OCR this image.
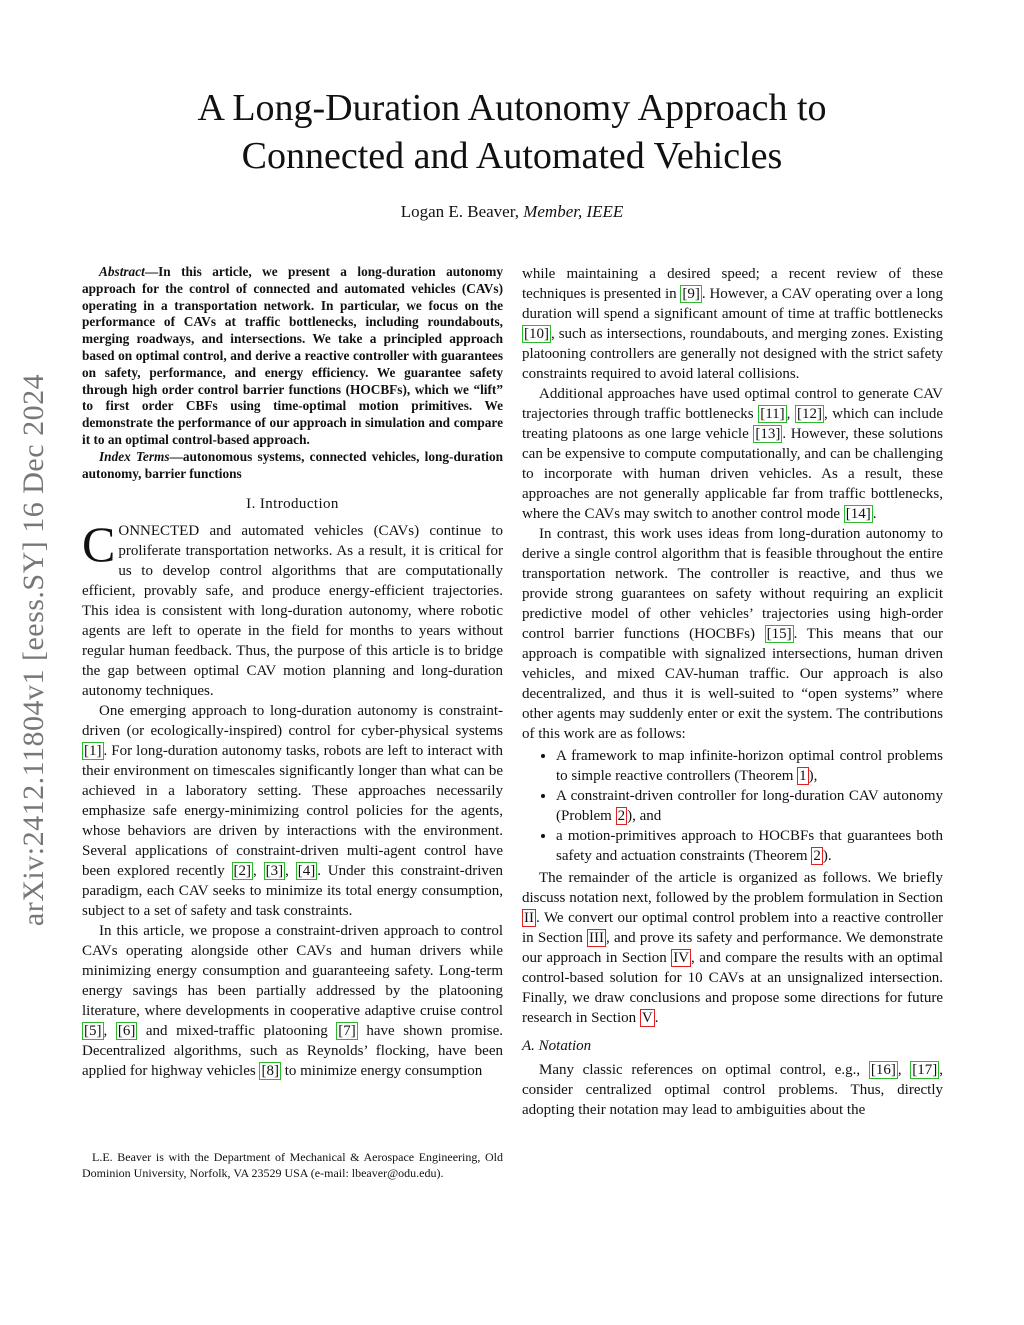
arXiv:2412.11804v1 [eess.SY] 16 Dec 2024
A Long-Duration Autonomy Approach to
Connected and Automated Vehicles
Logan E. Beaver, Member, IEEE

Abstract—In this article, we present a long-duration autonomy approach for the control of connected and automated vehicles (CAVs) operating in a transportation network. In particular, we focus on the performance of CAVs at traffic bottlenecks, including roundabouts, merging roadways, and intersections. We take a principled approach based on optimal control, and derive a reactive controller with guarantees on safety, performance, and energy efficiency. We guarantee safety through high order control barrier functions (HOCBFs), which we “lift” to first order CBFs using time-optimal motion primitives. We demonstrate the performance of our approach in simulation and compare it to an optimal control-based approach.

Index Terms—autonomous systems, connected vehicles, long-duration autonomy, barrier functions

I. Introduction

CONNECTED and automated vehicles (CAVs) continue to proliferate transportation networks. As a result, it is critical for us to develop control algorithms that are computationally efficient, provably safe, and produce energy-efficient trajectories. This idea is consistent with long-duration autonomy, where robotic agents are left to operate in the field for months to years without regular human feedback. Thus, the purpose of this article is to bridge the gap between optimal CAV motion planning and long-duration autonomy techniques.

One emerging approach to long-duration autonomy is constraint-driven (or ecologically-inspired) control for cyber-physical systems [1] . For long-duration autonomy tasks, robots are left to interact with their environment on timescales significantly longer than what can be achieved in a laboratory setting. These approaches necessarily emphasize safe energy-minimizing control policies for the agents, whose behaviors are driven by interactions with the environment. Several applications of constraint-driven multi-agent control have been explored recently [2] , [3] , [4] . Under this constraint-driven paradigm, each CAV seeks to minimize its total energy consumption, subject to a set of safety and task constraints.

In this article, we propose a constraint-driven approach to control CAVs operating alongside other CAVs and human drivers while minimizing energy consumption and guaranteeing safety. Long-term energy savings has been partially addressed by the platooning literature, where developments in cooperative adaptive cruise control [5] , [6] and mixed-traffic platooning [7] have shown promise. Decentralized algorithms, such as Reynolds’ flocking, have been applied for highway vehicles [8] to minimize energy consumption

L.E. Beaver is with the Department of Mechanical & Aerospace Engineering, Old Dominion University, Norfolk, VA 23529 USA (e-mail: lbeaver@odu.edu).

while maintaining a desired speed; a recent review of these techniques is presented in [9] . However, a CAV operating over a long duration will spend a significant amount of time at traffic bottlenecks [10] , such as intersections, roundabouts, and merging zones. Existing platooning controllers are generally not designed with the strict safety constraints required to avoid lateral collisions.

Additional approaches have used optimal control to generate CAV trajectories through traffic bottlenecks [11] , [12] , which can include treating platoons as one large vehicle [13] . However, these solutions can be expensive to compute computationally, and can be challenging to incorporate with human driven vehicles. As a result, these approaches are not generally applicable far from traffic bottlenecks, where the CAVs may switch to another control mode [14] .

In contrast, this work uses ideas from long-duration autonomy to derive a single control algorithm that is feasible throughout the entire transportation network. The controller is reactive, and thus we provide strong guarantees on safety without requiring an explicit predictive model of other vehicles’ trajectories using high-order control barrier functions (HOCBFs) [15] . This means that our approach is compatible with signalized intersections, human driven vehicles, and mixed CAV-human traffic. Our approach is also decentralized, and thus it is well-suited to “open systems” where other agents may suddenly enter or exit the system. The contributions of this work are as follows:

• A framework to map infinite-horizon optimal control problems to simple reactive controllers (Theorem 1 ),
• A constraint-driven controller for long-duration CAV autonomy (Problem 2 ), and
• a motion-primitives approach to HOCBFs that guarantees both safety and actuation constraints (Theorem 2 ).

The remainder of the article is organized as follows. We briefly discuss notation next, followed by the problem formulation in Section II . We convert our optimal control problem into a reactive controller in Section III , and prove its safety and performance. We demonstrate our approach in Section IV , and compare the results with an optimal control-based solution for 10 CAVs at an unsignalized intersection. Finally, we draw conclusions and propose some directions for future research in Section V .

A. Notation

Many classic references on optimal control, e.g., [16] , [17] , consider centralized optimal control problems. Thus, directly adopting their notation may lead to ambiguities about the
